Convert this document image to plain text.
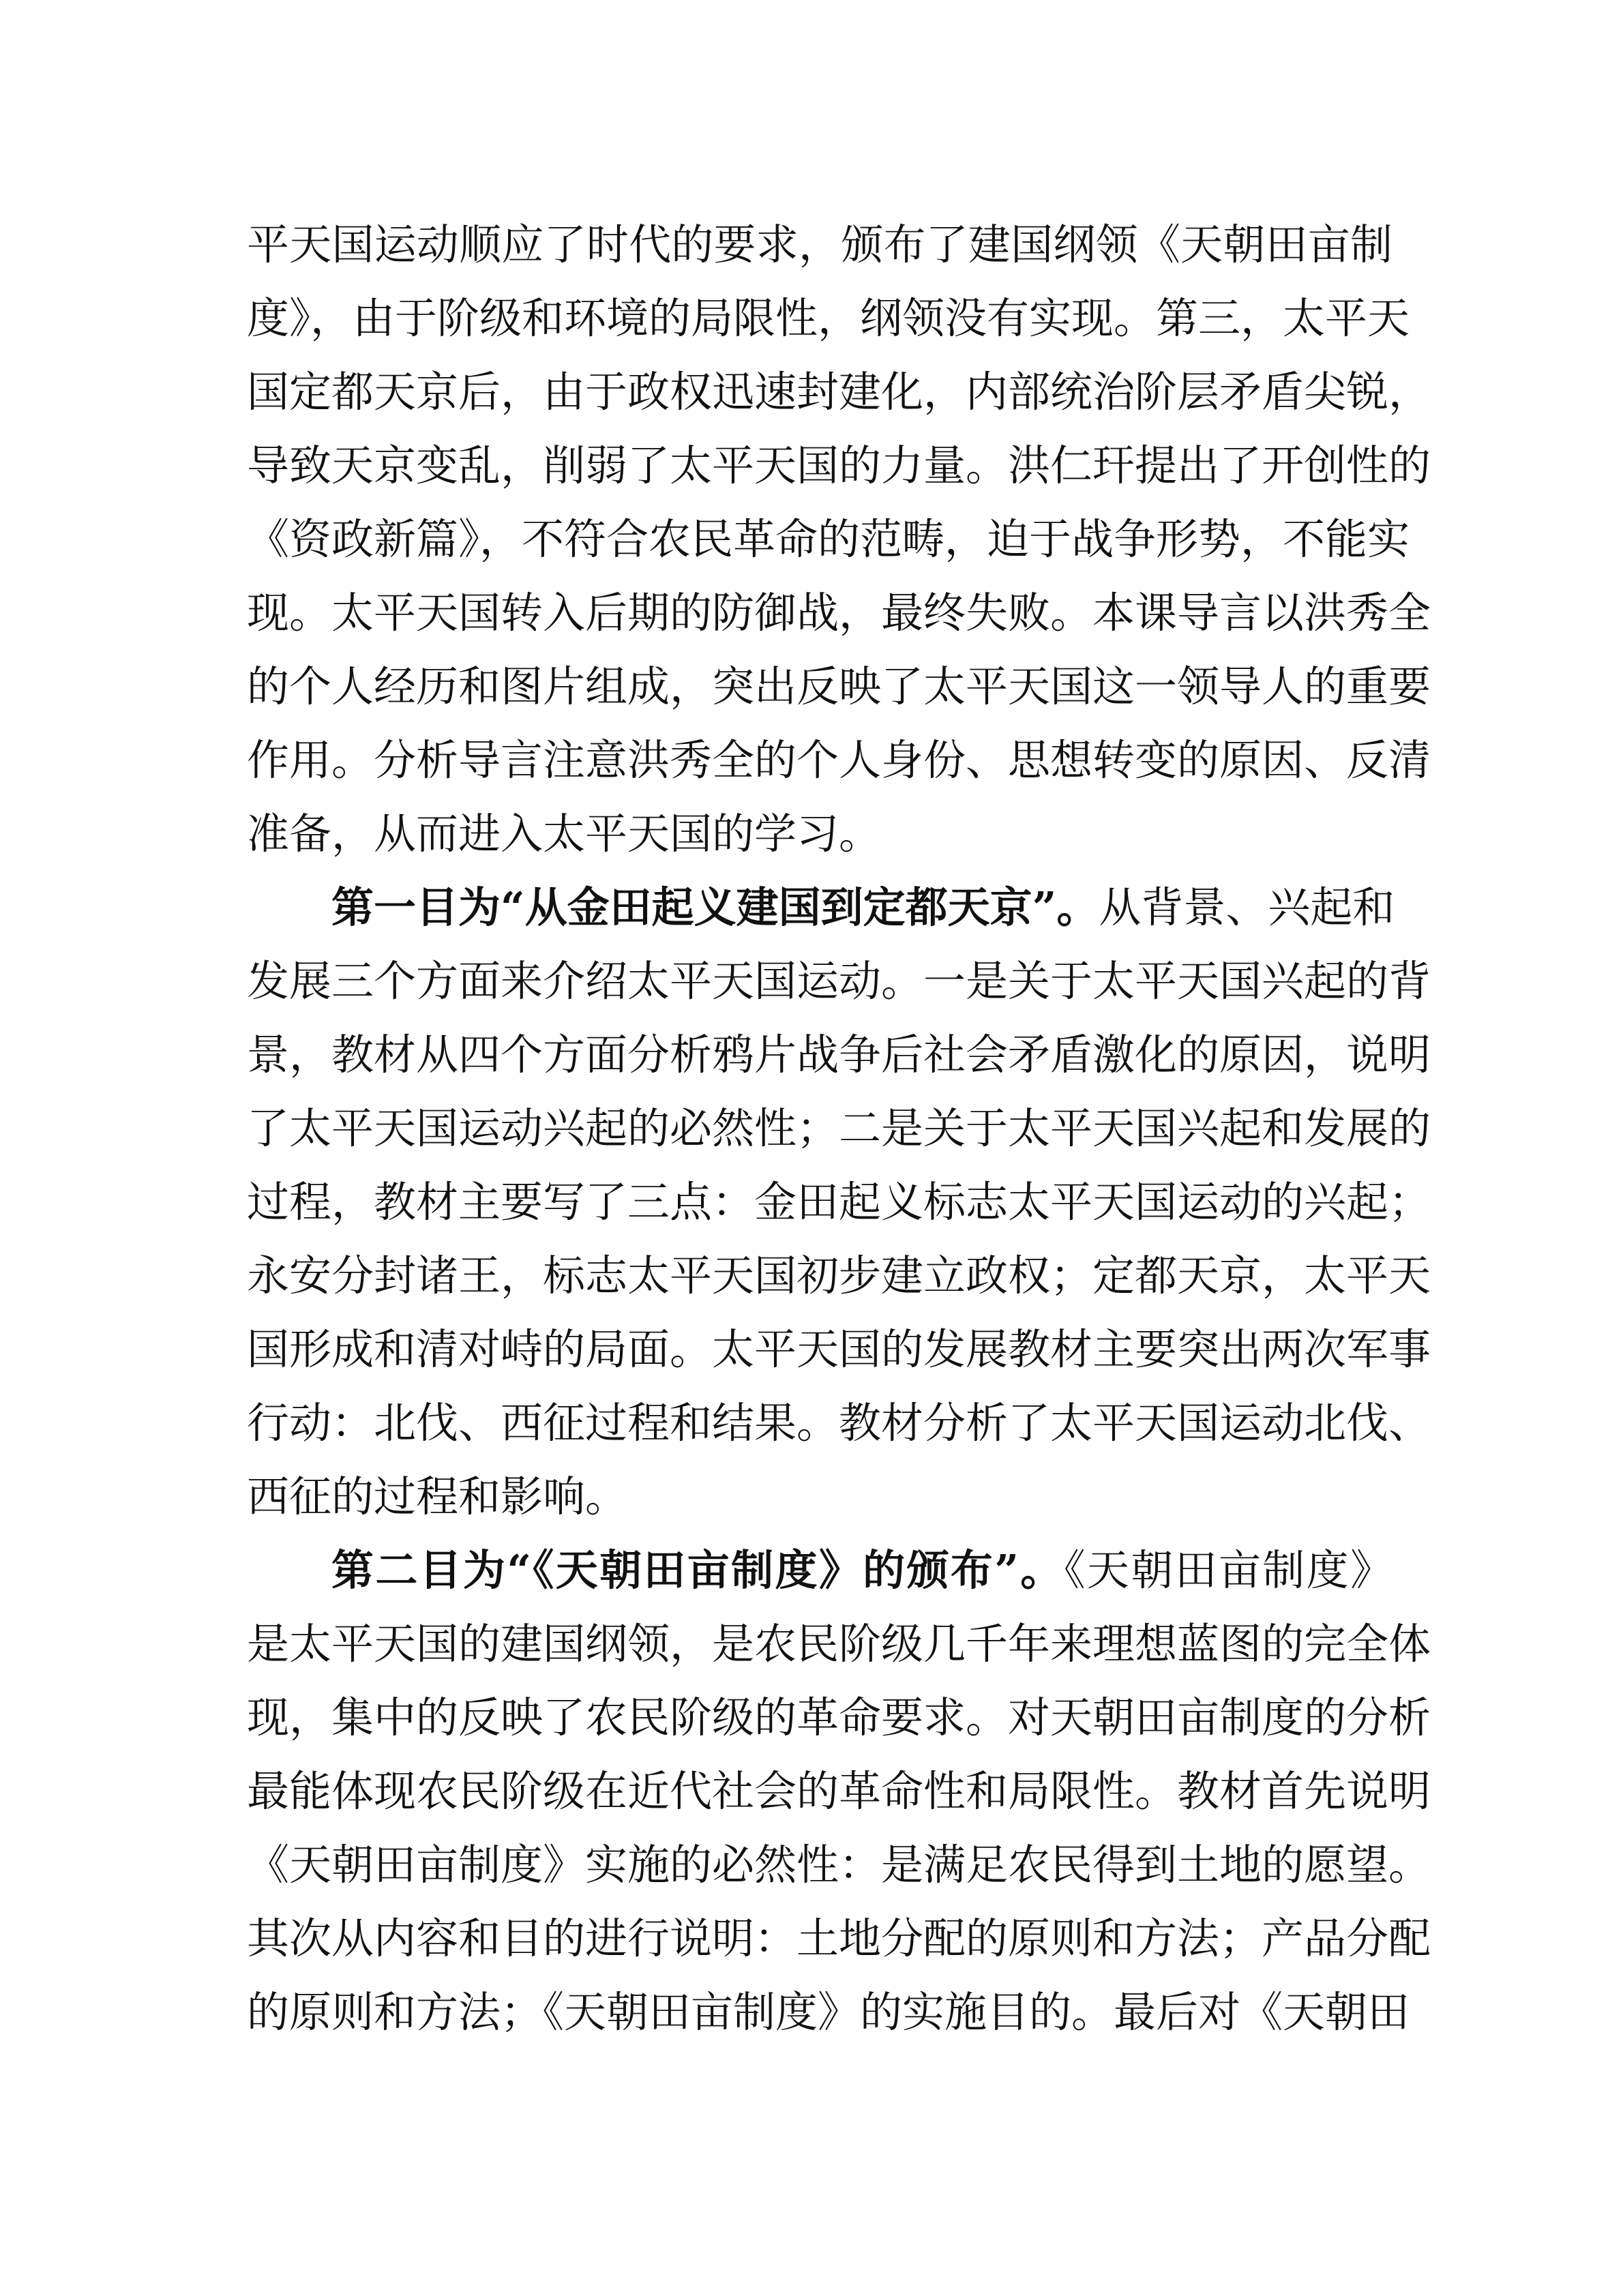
平天国运动顺应了时代的要求，颁布了建国纲领《天朝田亩制
度》，由于阶级和环境的局限性，纲领没有实现。第三，太平天
国定都天京后，由于政权迅速封建化，内部统治阶层矛盾尖锐，
导致天京变乱，削弱了太平天国的力量。洪仁玕提出了开创性的
《资政新篇》，不符合农民革命的范畴，迫于战争形势，不能实
现。太平天国转入后期的防御战，最终失败。本课导言以洪秀全
的个人经历和图片组成，突出反映了太平天国这一领导人的重要
作用。分析导言注意洪秀全的个人身份、思想转变的原因、反清
准备，从而进入太平天国的学习。
第一目为“从金田起义建国到定都天京”。从背景、兴起和
发展三个方面来介绍太平天国运动。一是关于太平天国兴起的背
景，教材从四个方面分析鸦片战争后社会矛盾激化的原因，说明
了太平天国运动兴起的必然性；二是关于太平天国兴起和发展的
过程，教材主要写了三点：金田起义标志太平天国运动的兴起；
永安分封诸王，标志太平天国初步建立政权；定都天京，太平天
国形成和清对峙的局面。太平天国的发展教材主要突出两次军事
行动：北伐、西征过程和结果。教材分析了太平天国运动北伐、
西征的过程和影响。
第二目为“《天朝田亩制度》的颁布”。《天朝田亩制度》
是太平天国的建国纲领，是农民阶级几千年来理想蓝图的完全体
现，集中的反映了农民阶级的革命要求。对天朝田亩制度的分析
最能体现农民阶级在近代社会的革命性和局限性。教材首先说明
《天朝田亩制度》实施的必然性：是满足农民得到土地的愿望。
其次从内容和目的进行说明：土地分配的原则和方法；产品分配
的原则和方法；《天朝田亩制度》的实施目的。最后对《天朝田
